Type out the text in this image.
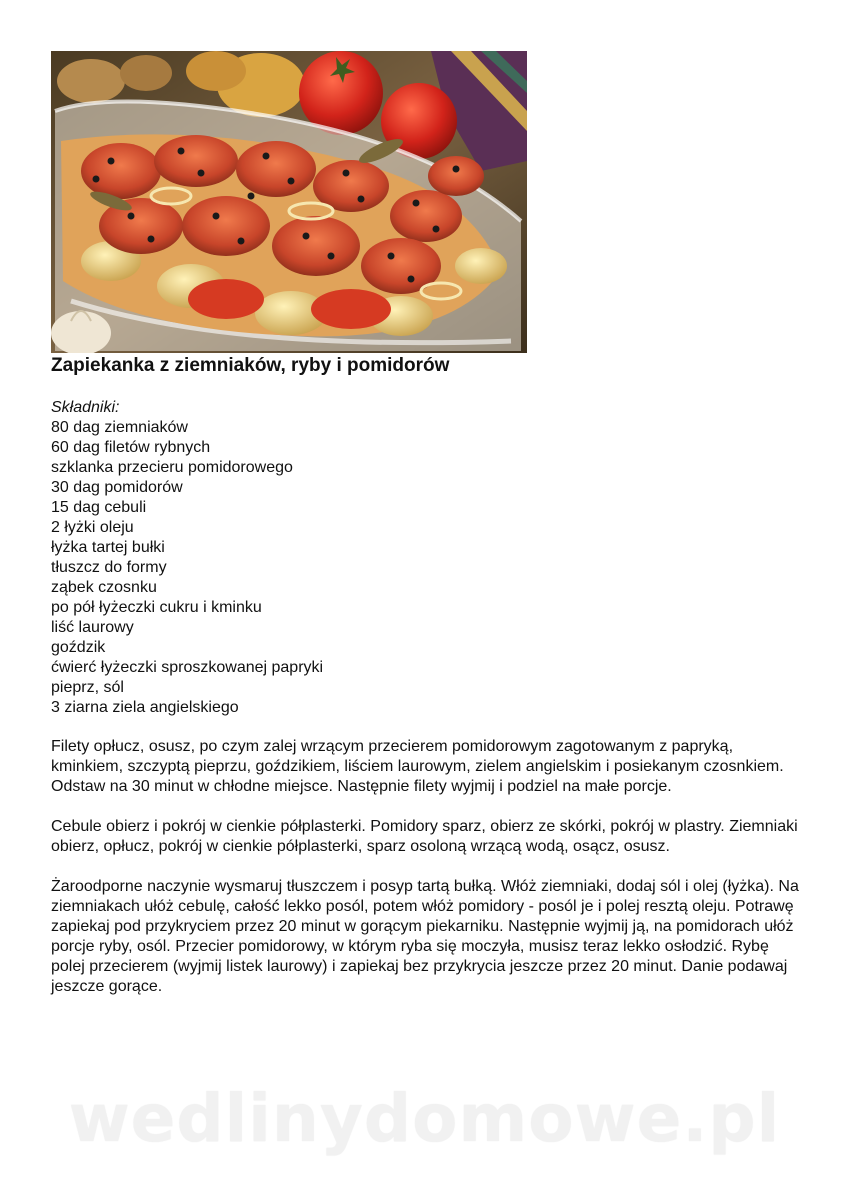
Zapiekanka z ziemniaków, ryby i pomidorów
Składniki:
80 dag ziemniaków
60 dag filetów rybnych
szklanka przecieru pomidorowego
30 dag pomidorów
15 dag cebuli
2 łyżki oleju
łyżka tartej bułki
tłuszcz do formy
ząbek czosnku
po pół łyżeczki cukru i kminku
liść laurowy
goździk
ćwierć łyżeczki sproszkowanej papryki
pieprz, sól
3 ziarna ziela angielskiego

Filety opłucz, osusz, po czym zalej wrzącym przecierem pomidorowym zagotowanym z papryką, kminkiem, szczyptą pieprzu, goździkiem, liściem laurowym, zielem angielskim i posiekanym czosnkiem. Odstaw na 30 minut w chłodne miejsce. Następnie filety wyjmij i podziel na małe porcje.

Cebule obierz i pokrój w cienkie półplasterki. Pomidory sparz, obierz ze skórki, pokrój w plastry. Ziemniaki obierz, opłucz, pokrój w cienkie półplasterki, sparz osoloną wrzącą wodą, osącz, osusz.

Żaroodporne naczynie wysmaruj tłuszczem i posyp tartą bułką. Włóż ziemniaki, dodaj sól i olej (łyżka). Na ziemniakach ułóż cebulę, całość lekko posól, potem włóż pomidory - posól je i polej resztą oleju. Potrawę zapiekaj pod przykryciem przez 20 minut w gorącym piekarniku. Następnie wyjmij ją, na pomidorach ułóż porcje ryby, osól. Przecier pomidorowy, w którym ryba się moczyła, musisz teraz lekko osłodzić. Rybę polej przecierem (wyjmij listek laurowy) i zapiekaj bez przykrycia jeszcze przez 20 minut. Danie podawaj jeszcze gorące.

wedlinydomowe.pl
